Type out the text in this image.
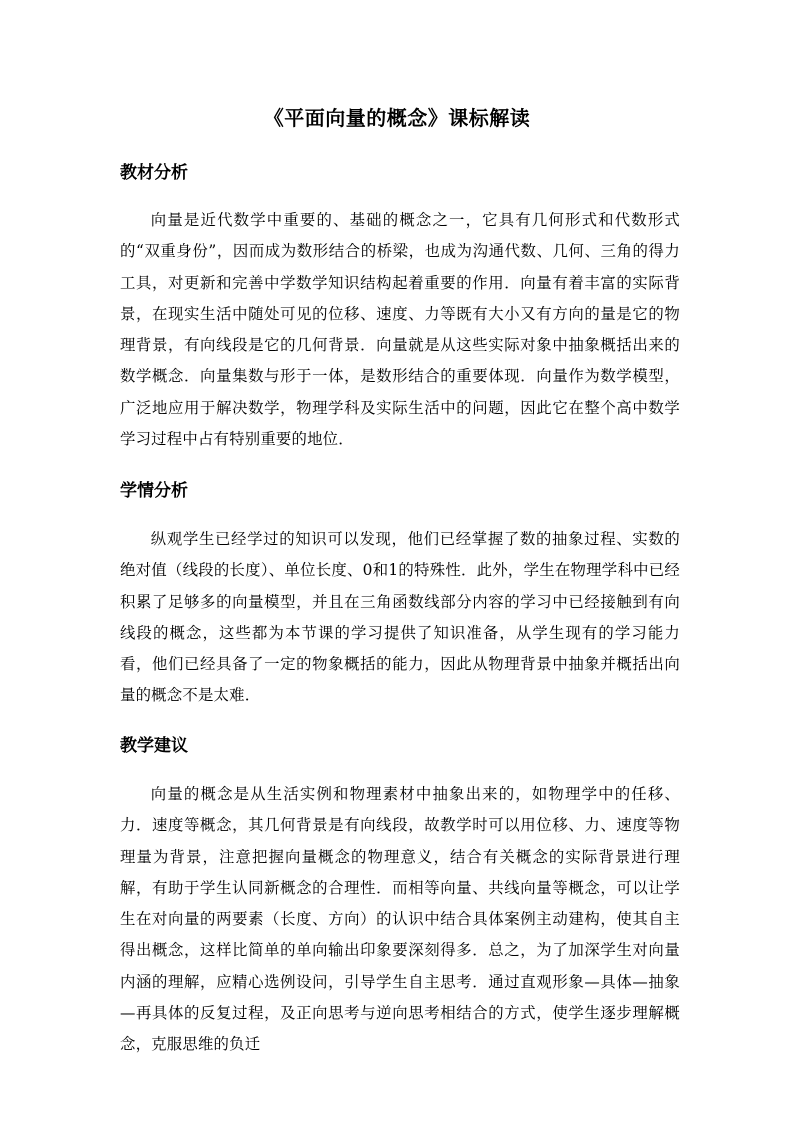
《平面向量的概念》课标解读
教材分析

向量是近代数学中重要的、基础的概念之一，它具有几何形式和代数形式的“双重身份”，因而成为数形结合的桥梁，也成为沟通代数、几何、三角的得力工具，对更新和完善中学数学知识结构起着重要的作用．向量有着丰富的实际背景，在现实生活中随处可见的位移、速度、力等既有大小又有方向的量是它的物理背景，有向线段是它的几何背景．向量就是从这些实际对象中抽象概括出来的数学概念．向量集数与形于一体，是数形结合的重要体现．向量作为数学模型，广泛地应用于解决数学，物理学科及实际生活中的问题，因此它在整个高中数学学习过程中占有特别重要的地位．

学情分析

纵观学生已经学过的知识可以发现，他们已经掌握了数的抽象过程、实数的绝对值（线段的长度）、单位长度、0和1的特殊性．此外，学生在物理学科中已经积累了足够多的向量模型，并且在三角函数线部分内容的学习中已经接触到有向线段的概念，这些都为本节课的学习提供了知识准备，从学生现有的学习能力看，他们已经具备了一定的物象概括的能力，因此从物理背景中抽象并概括出向量的概念不是太难．

教学建议

向量的概念是从生活实例和物理素材中抽象出来的，如物理学中的任移、力．速度等概念，其几何背景是有向线段，故教学时可以用位移、力、速度等物理量为背景，注意把握向量概念的物理意义，结合有关概念的实际背景进行理解，有助于学生认同新概念的合理性．而相等向量、共线向量等概念，可以让学生在对向量的两要素（长度、方向）的认识中结合具体案例主动建构，使其自主得出概念，这样比简单的单向输出印象要深刻得多．总之，为了加深学生对向量内涵的理解，应精心选例设问，引导学生自主思考．通过直观形象—具体—抽象—再具体的反复过程，及正向思考与逆向思考相结合的方式，使学生逐步理解概念，克服思维的负迁
